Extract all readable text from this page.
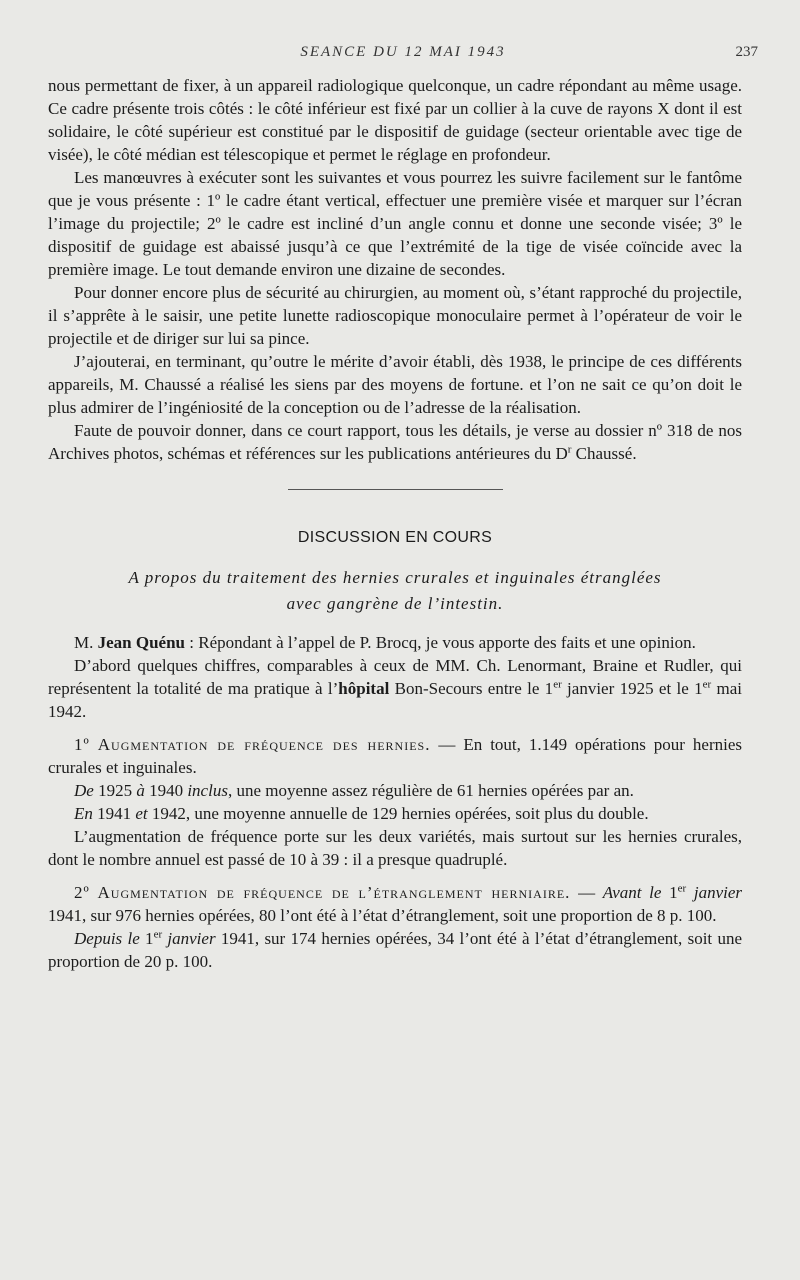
SEANCE DU 12 MAI 1943	237

nous permettant de fixer, à un appareil radiologique quelconque, un cadre répondant au même usage. Ce cadre présente trois côtés : le côté inférieur est fixé par un collier à la cuve de rayons X dont il est solidaire, le côté supérieur est constitué par le dispositif de guidage (secteur orientable avec tige de visée), le côté médian est télescopique et permet le réglage en profondeur.

Les manœuvres à exécuter sont les suivantes et vous pourrez les suivre facilement sur le fantôme que je vous présente : 1º le cadre étant vertical, effectuer une première visée et marquer sur l’écran l’image du projectile; 2º le cadre est incliné d’un angle connu et donne une seconde visée; 3º le dispositif de guidage est abaissé jusqu’à ce que l’extrémité de la tige de visée coïncide avec la première image. Le tout demande environ une dizaine de secondes.

Pour donner encore plus de sécurité au chirurgien, au moment où, s’étant rapproché du projectile, il s’apprête à le saisir, une petite lunette radioscopique monoculaire permet à l’opérateur de voir le projectile et de diriger sur lui sa pince.

J’ajouterai, en terminant, qu’outre le mérite d’avoir établi, dès 1938, le principe de ces différents appareils, M. Chaussé a réalisé les siens par des moyens de fortune. et l’on ne sait ce qu’on doit le plus admirer de l’ingéniosité de la conception ou de l’adresse de la réalisation.

Faute de pouvoir donner, dans ce court rapport, tous les détails, je verse au dossier nº 318 de nos Archives photos, schémas et références sur les publications antérieures du $D^r$ Chaussé.

DISCUSSION EN COURS
A propos du traitement des hernies crurales et inguinales étranglées
avec gangrène de l’intestin.

M. Jean Quénu : Répondant à l’appel de P. Brocq, je vous apporte des faits et une opinion.

D’abord quelques chiffres, comparables à ceux de MM. Ch. Lenormant, Braine et Rudler, qui représentent la totalité de ma pratique à l’hôpital Bon-Secours entre le 1er janvier 1925 et le 1er mai 1942.

1º Augmentation de fréquence des hernies. — En tout, 1.149 opérations pour hernies crurales et inguinales.

De 1925 à 1940 inclus, une moyenne assez régulière de 61 hernies opérées par an.

En 1941 et 1942, une moyenne annuelle de 129 hernies opérées, soit plus du double.

L’augmentation de fréquence porte sur les deux variétés, mais surtout sur les hernies crurales, dont le nombre annuel est passé de 10 à 39 : il a presque quadruplé.

2º Augmentation de fréquence de l’étranglement herniaire. — Avant le 1er janvier 1941, sur 976 hernies opérées, 80 l’ont été à l’état d’étranglement, soit une proportion de 8 p. 100.

Depuis le 1er janvier 1941, sur 174 hernies opérées, 34 l’ont été à l’état d’étranglement, soit une proportion de 20 p. 100.
